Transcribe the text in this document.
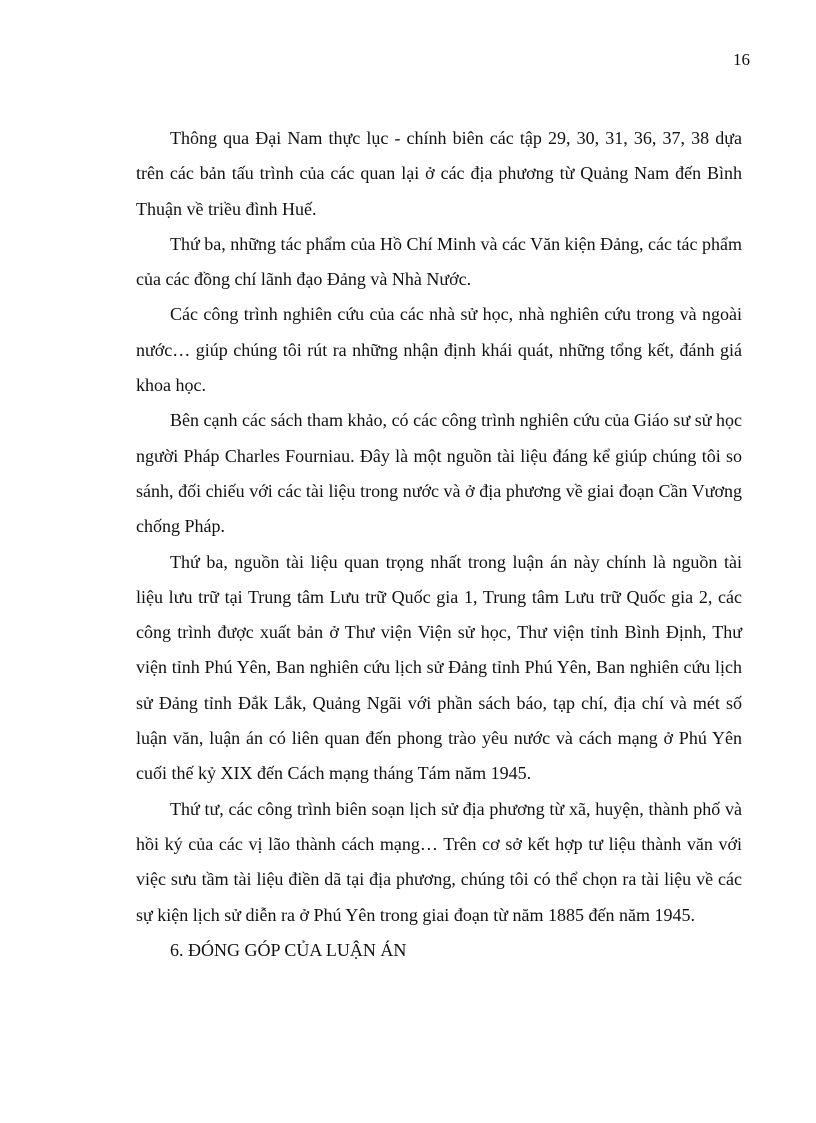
16

Thông qua Đại Nam thực lục - chính biên các tập 29, 30, 31, 36, 37, 38 dựa trên các bản tấu trình của các quan lại ở các địa phương từ Quảng Nam đến Bình Thuận về triều đình Huế.

Thứ ba, những tác phẩm của Hồ Chí Minh và các Văn kiện Đảng, các tác phẩm của các đồng chí lãnh đạo Đảng và Nhà Nước.

Các công trình nghiên cứu của các nhà sử học, nhà nghiên cứu trong và ngoài nước… giúp chúng tôi rút ra những nhận định khái quát, những tổng kết, đánh giá khoa học.

Bên cạnh các sách tham khảo, có các công trình nghiên cứu của Giáo sư sử học người Pháp Charles Fourniau. Đây là một nguồn tài liệu đáng kể giúp chúng tôi so sánh, đối chiếu với các tài liệu trong nước và ở địa phương về giai đoạn Cần Vương chống Pháp.

Thứ ba, nguồn tài liệu quan trọng nhất trong luận án này chính là nguồn tài liệu lưu trữ tại Trung tâm Lưu trữ Quốc gia 1, Trung tâm Lưu trữ Quốc gia 2, các công trình được xuất bản ở Thư viện Viện sử học, Thư viện tỉnh Bình Định, Thư viện tỉnh Phú Yên, Ban nghiên cứu lịch sử Đảng tỉnh Phú Yên, Ban nghiên cứu lịch sử Đảng tỉnh Đắk Lắk, Quảng Ngãi với phần sách báo, tạp chí, địa chí và mét số luận văn, luận án có liên quan đến phong trào yêu nước và cách mạng ở Phú Yên cuối thế kỷ XIX đến Cách mạng tháng Tám năm 1945.

Thứ tư, các công trình biên soạn lịch sử địa phương từ xã, huyện, thành phố và hồi ký của các vị lão thành cách mạng… Trên cơ sở kết hợp tư liệu thành văn với việc sưu tầm tài liệu điền dã tại địa phương, chúng tôi có thể chọn ra tài liệu về các sự kiện lịch sử diễn ra ở Phú Yên trong giai đoạn từ năm 1885 đến năm 1945.

6. ĐÓNG GÓP CỦA LUẬN ÁN
